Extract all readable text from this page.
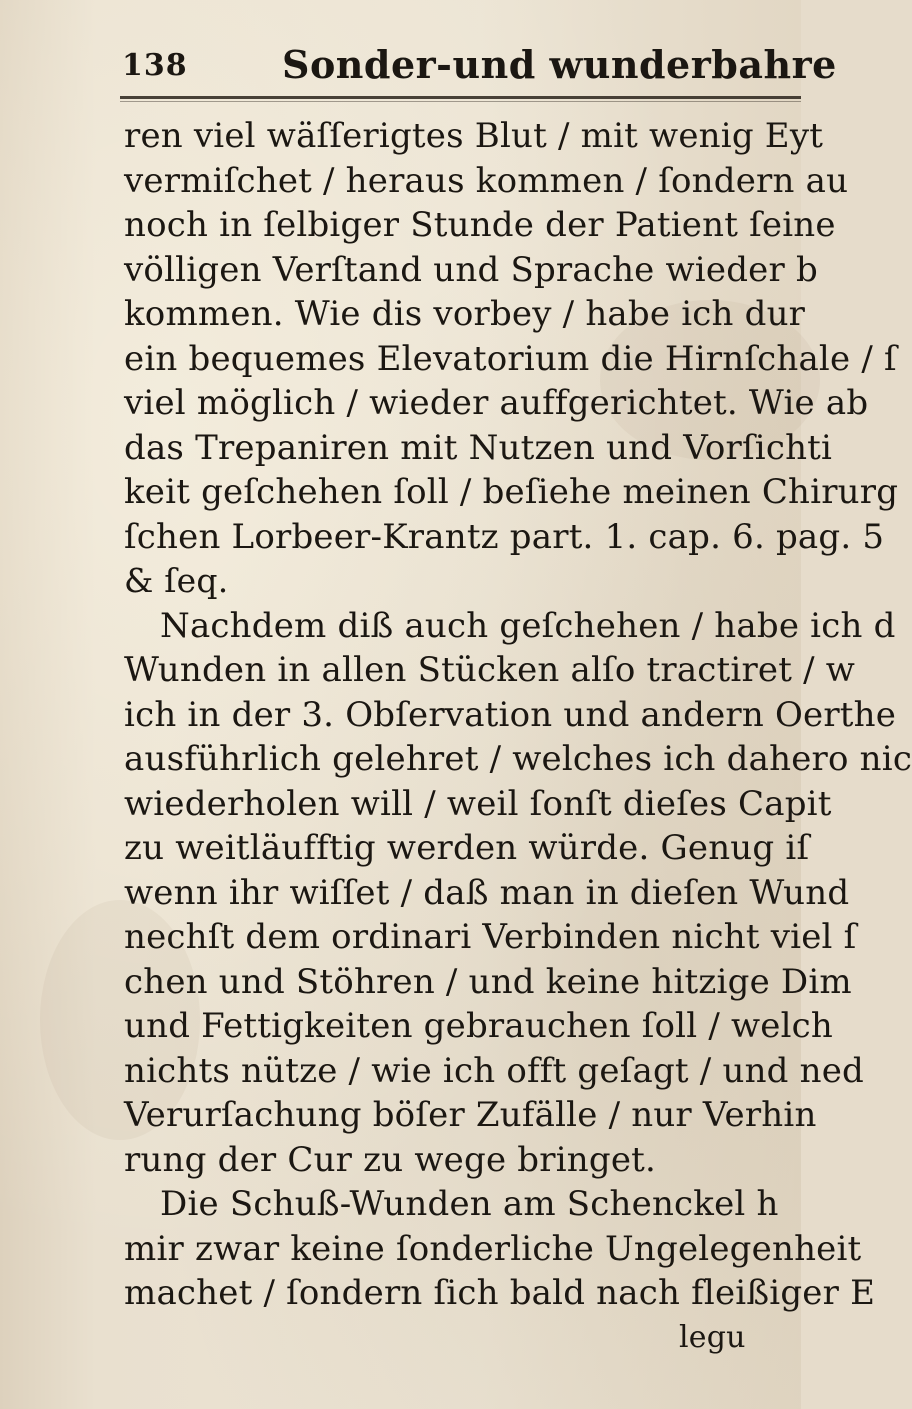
138 Sonder-und wunderbahre
ren viel wäſſerigtes Blut / mit wenig Eyt
vermiſchet / heraus kommen / ſondern au
noch in ſelbiger Stunde der Patient ſeine
völligen Verſtand und Sprache wieder b
kommen. Wie dis vorbey / habe ich dur
ein bequemes Elevatorium die Hirnſchale / ſ
viel möglich / wieder auffgerichtet. Wie ab
das Trepaniren mit Nutzen und Vorſichti
keit geſchehen ſoll / beſiehe meinen Chirurg
ſchen Lorbeer-Krantz part. 1. cap. 6. pag. 5
& ſeq.
Nachdem diß auch geſchehen / habe ich d
Wunden in allen Stücken alſo tractiret / w
ich in der 3. Obſervation und andern Oerthe
ausführlich gelehret / welches ich dahero nic
wiederholen will / weil ſonſt dieſes Capit
zu weitläufftig werden würde. Genug iſ
wenn ihr wiſſet / daß man in dieſen Wund
nechſt dem ordinari Verbinden nicht viel ſ
chen und Stöhren / und keine hitzige Dim
und Fettigkeiten gebrauchen ſoll / welch
nichts nütze / wie ich offt geſagt / und ned
Verurſachung böſer Zufälle / nur Verhin
rung der Cur zu wege bringet.
Die Schuß-Wunden am Schenckel h
mir zwar keine ſonderliche Ungelegenheit
machet / ſondern ſich bald nach fleißiger E
legu
